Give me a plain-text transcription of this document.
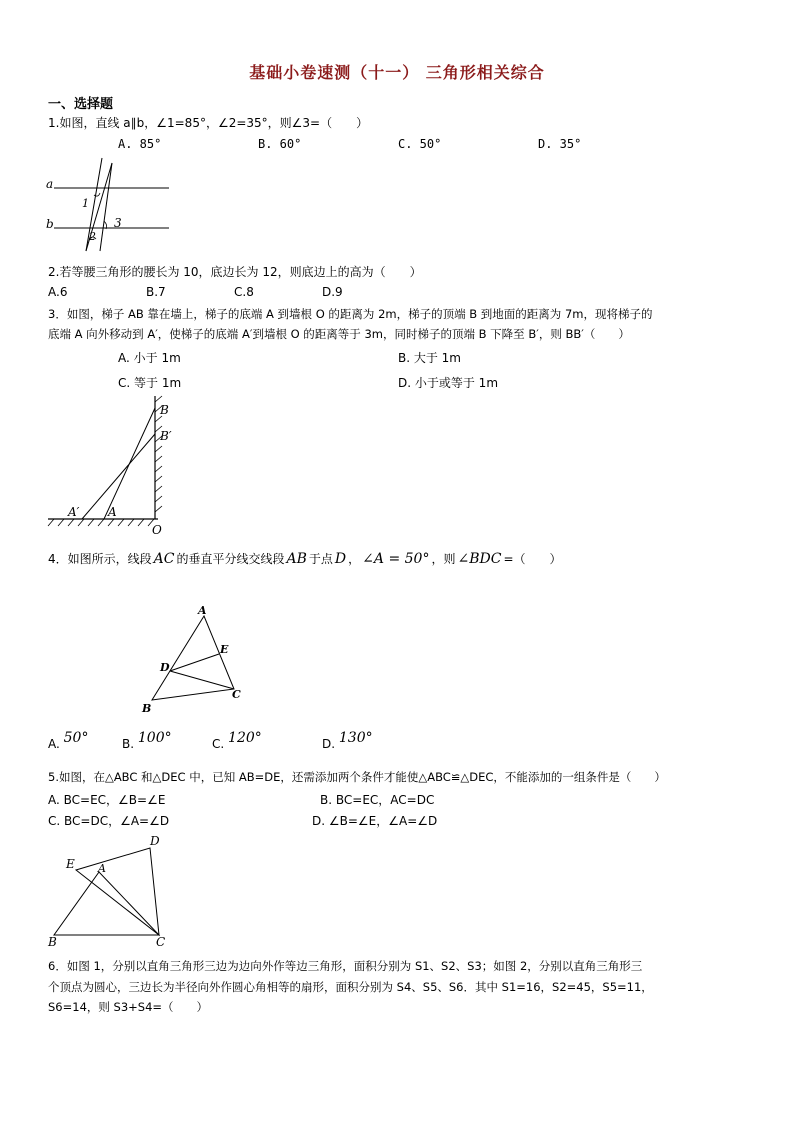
基础小卷速测（十一） 三角形相关综合
一、选择题
1.如图，直线 a∥b，∠1=85°，∠2=35°，则∠3=（　　）
A. 85°	B. 60°	C. 50°	D. 35°
a
b
1
2
3
2.若等腰三角形的腰长为 10，底边长为 12，则底边上的高为（　　）
A.6	B.7	C.8	D.9
3．如图，梯子 AB 靠在墙上，梯子的底端 A 到墙根 O 的距离为 2m，梯子的顶端 B 到地面的距离为 7m，现将梯子的
底端 A 向外移动到 A′，使梯子的底端 A′到墙根 O 的距离等于 3m，同时梯子的顶端 B 下降至 B′，则 BB′（　　）
A. 小于 1m	B. 大于 1m
C. 等于 1m	D. 小于或等于 1m
B
B′
A′ A
O
4．如图所示，线段 AC 的垂直平分线交线段 AB 于点 D ， ∠A = 50° ，则 ∠BDC =（　　）
A
E
D
C
B
A. 50°	B. 100°	C. 120°	D. 130°
5.如图，在△ABC 和△DEC 中，已知 AB=DE，还需添加两个条件才能使△ABC≌△DEC，不能添加的一组条件是（　　）
A. BC=EC，∠B=∠E	B. BC=EC，AC=DC
C. BC=DC，∠A=∠D	D. ∠B=∠E，∠A=∠D
D
E A
B	C
6．如图 1，分别以直角三角形三边为边向外作等边三角形，面积分别为 S1、S2、S3；如图 2，分别以直角三角形三
个顶点为圆心，三边长为半径向外作圆心角相等的扇形，面积分别为 S4、S5、S6．其中 S1=16，S2=45，S5=11，
S6=14，则 S3+S4=（　　）
